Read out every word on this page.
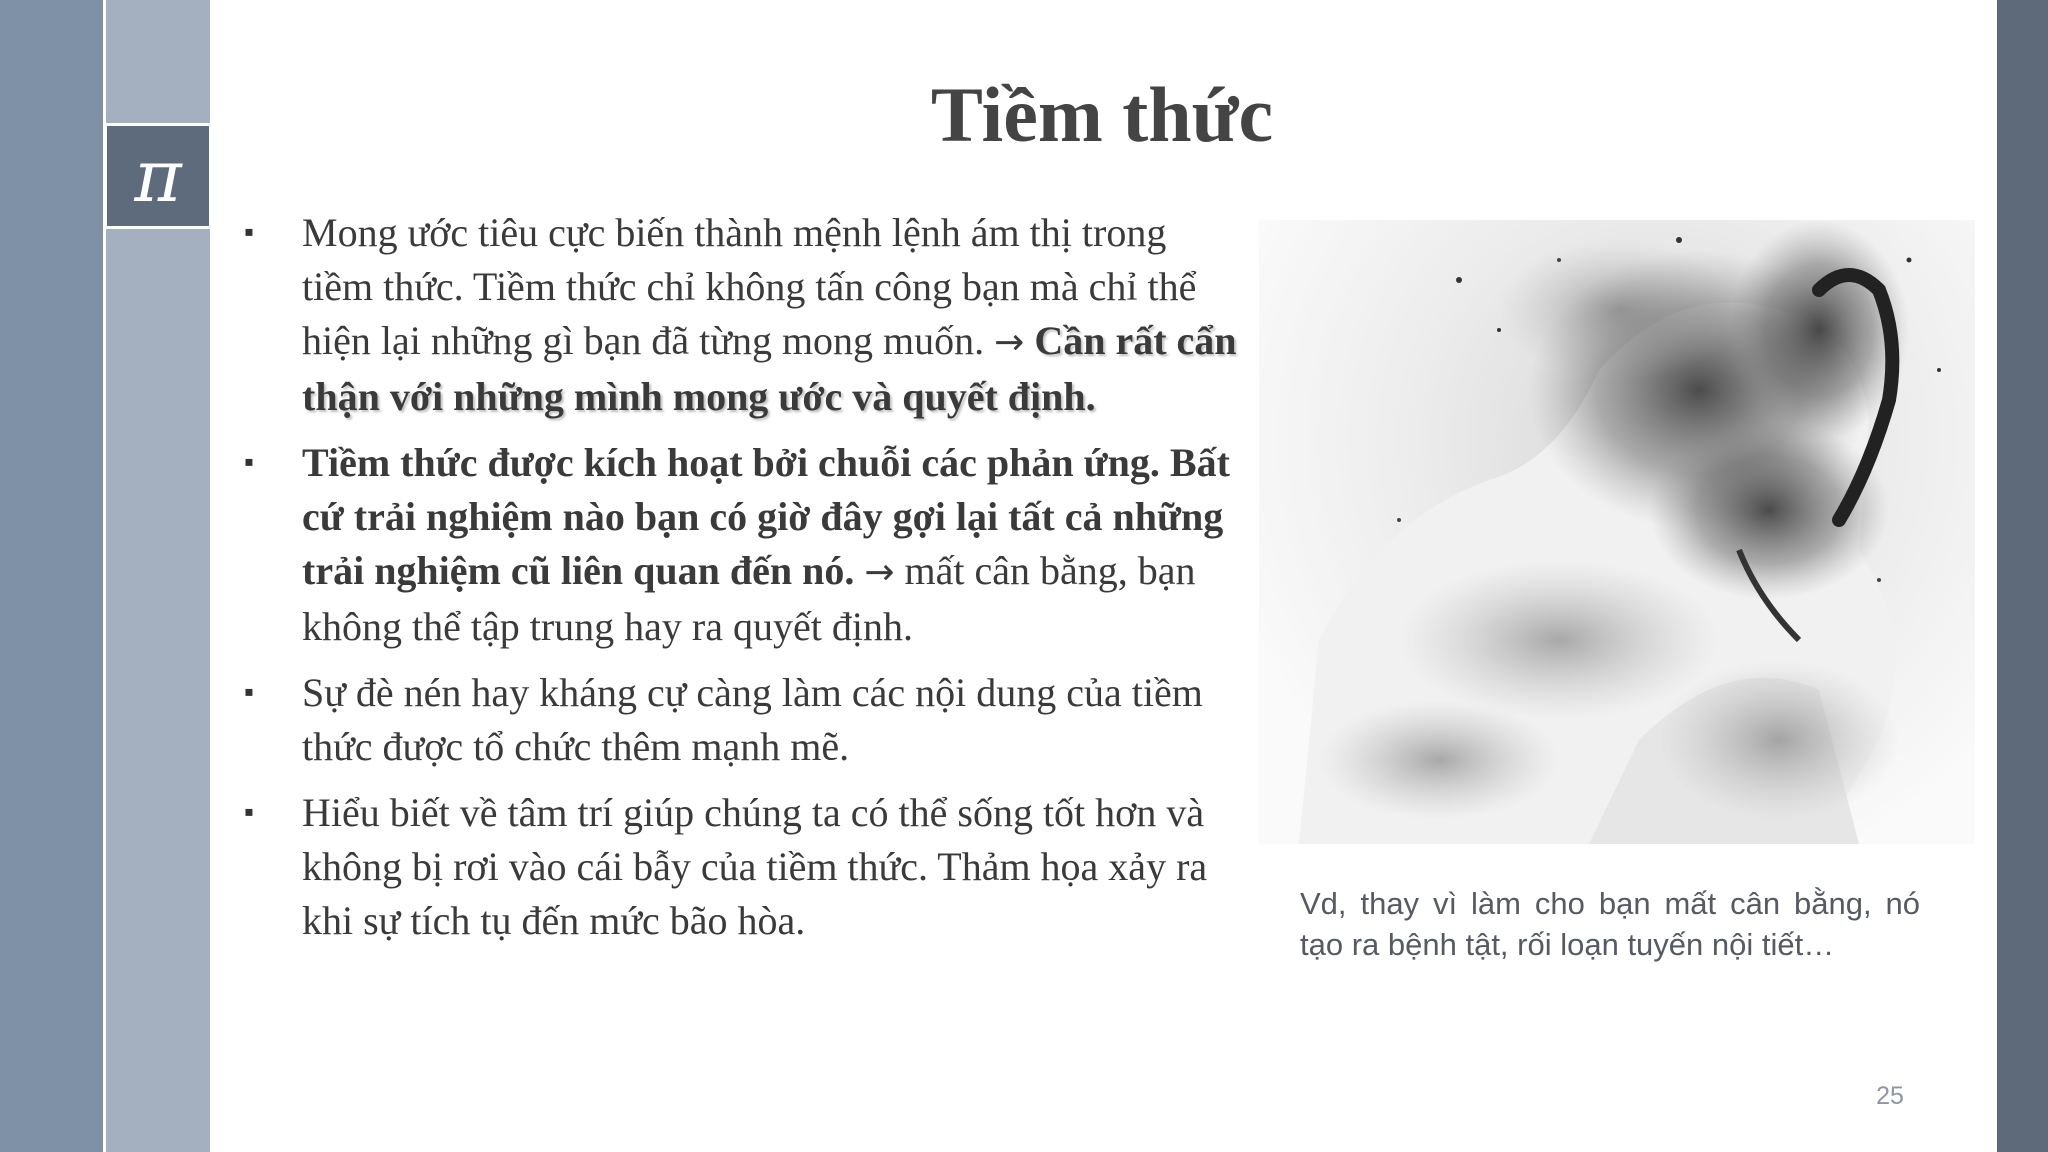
π
Tiềm thức
▪ Mong ước tiêu cực biến thành mệnh lệnh ám thị trong tiềm thức. Tiềm thức chỉ không tấn công bạn mà chỉ thể hiện lại những gì bạn đã từng mong muốn. → Cần rất cẩn thận với những mình mong ước và quyết định.
▪ Tiềm thức được kích hoạt bởi chuỗi các phản ứng. Bất cứ trải nghiệm nào bạn có giờ đây gợi lại tất cả những trải nghiệm cũ liên quan đến nó. → mất cân bằng, bạn không thể tập trung hay ra quyết định.
▪ Sự đè nén hay kháng cự càng làm các nội dung của tiềm thức được tổ chức thêm mạnh mẽ.
▪ Hiểu biết về tâm trí giúp chúng ta có thể sống tốt hơn và không bị rơi vào cái bẫy của tiềm thức. Thảm họa xảy ra khi sự tích tụ đến mức bão hòa.	Vd, thay vì làm cho bạn mất cân bằng, nó tạo ra bệnh tật, rối loạn tuyến nội tiết…
25
